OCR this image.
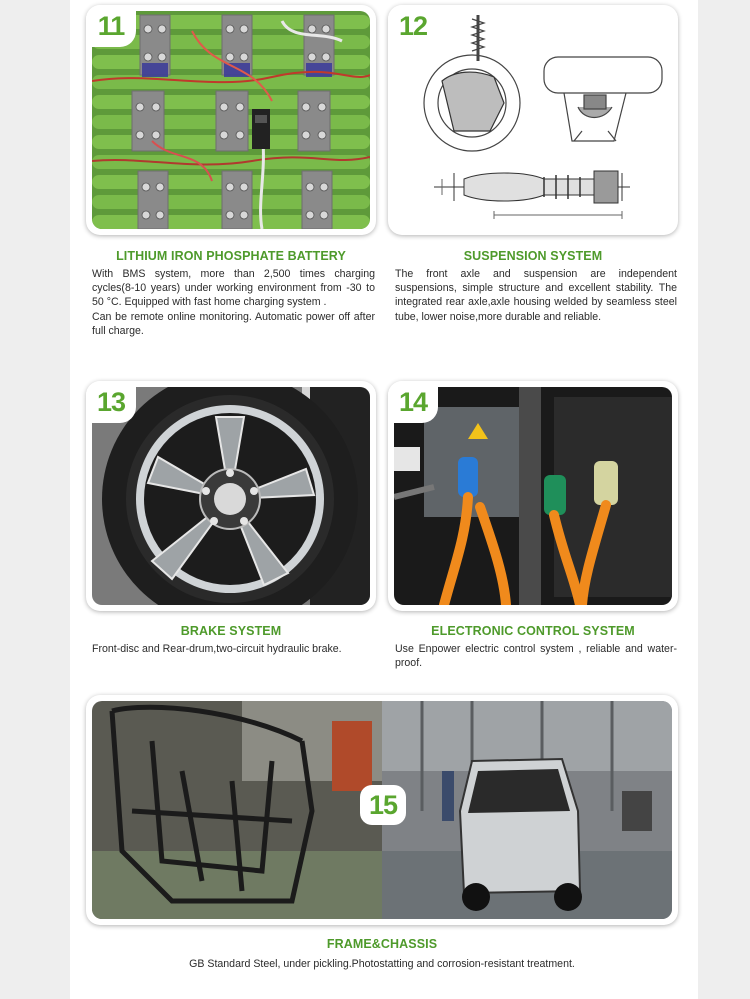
11
LITHIUM IRON PHOSPHATE BATTERY

With BMS system, more than 2,500 times charging cycles(8-10 years) under working environment from -30 to 50 °C. Equipped with fast home charging system .

Can be remote online monitoring. Automatic power off after full charge.

12
SUSPENSION SYSTEM

The front axle and suspension are independent suspensions, simple structure and excellent stability. The integrated rear axle,axle housing welded by seamless steel tube, lower noise,more durable and reliable.

13
BRAKE SYSTEM

Front-disc and Rear-drum,two-circuit hydraulic brake.

14
ELECTRONIC CONTROL SYSTEM

Use Enpower electric control system , reliable and water-proof.

15
FRAME&CHASSIS

GB Standard Steel, under pickling.Photostatting and corrosion-resistant treatment.
